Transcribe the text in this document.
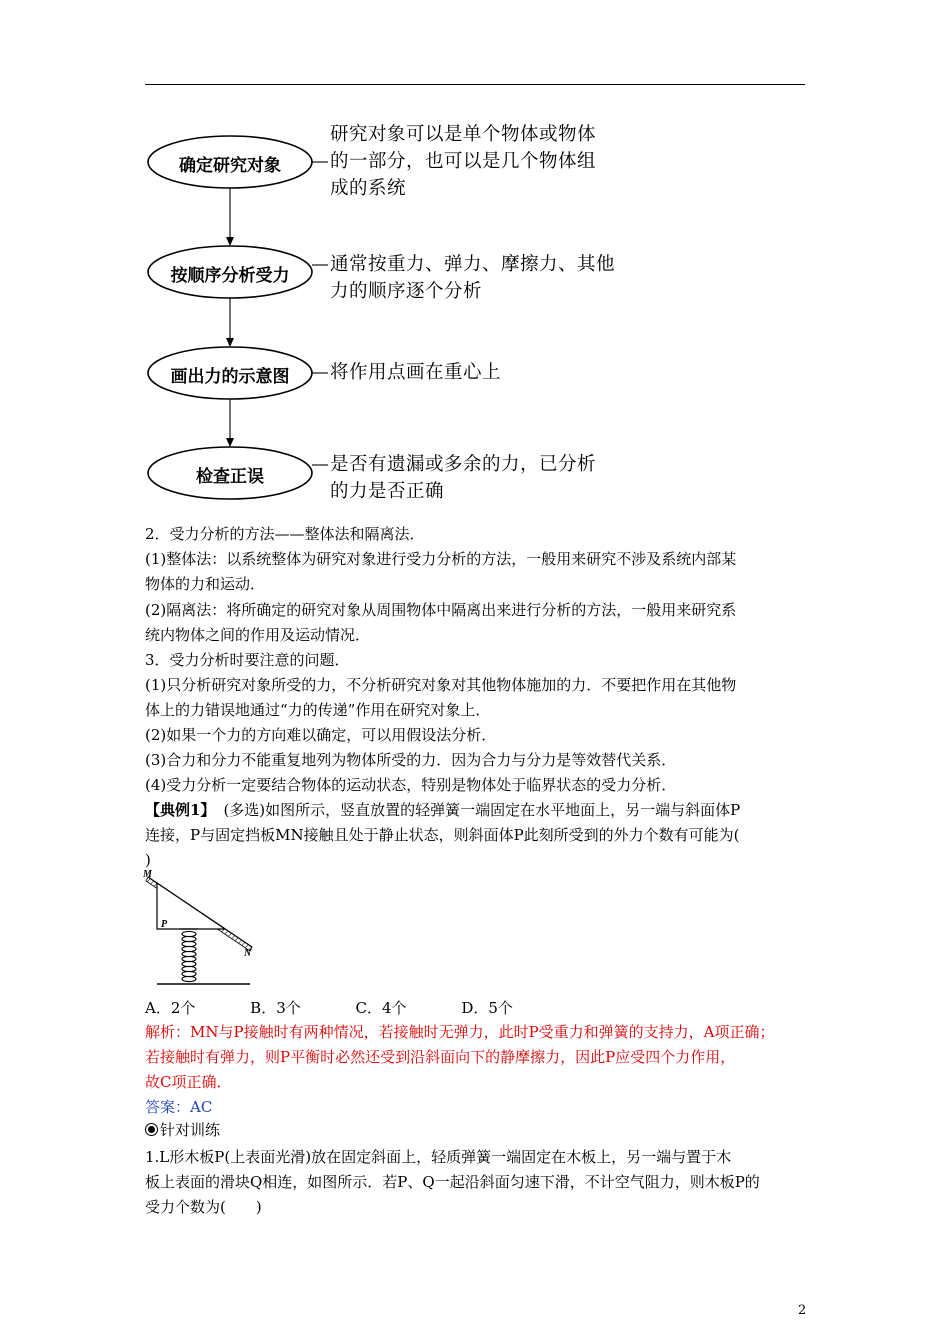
确定研究对象
按顺序分析受力
画出力的示意图
检查正误
研究对象可以是单个物体或物体
的一部分，也可以是几个物体组
成的系统
通常按重力、弹力、摩擦力、其他
力的顺序逐个分析
将作用点画在重心上
是否有遗漏或多余的力，已分析
的力是否正确
2．受力分析的方法——整体法和隔离法．
(1)整体法：以系统整体为研究对象进行受力分析的方法，一般用来研究不涉及系统内部某
物体的力和运动．
(2)隔离法：将所确定的研究对象从周围物体中隔离出来进行分析的方法，一般用来研究系
统内物体之间的作用及运动情况．
3．受力分析时要注意的问题．
(1)只分析研究对象所受的力，不分析研究对象对其他物体施加的力．不要把作用在其他物
体上的力错误地通过“力的传递”作用在研究对象上．
(2)如果一个力的方向难以确定，可以用假设法分析．
(3)合力和分力不能重复地列为物体所受的力．因为合力与分力是等效替代关系．
(4)受力分析一定要结合物体的运动状态，特别是物体处于临界状态的受力分析．
【典例1】 (多选)如图所示，竖直放置的轻弹簧一端固定在水平地面上，另一端与斜面体P
连接，P与固定挡板MN接触且处于静止状态，则斜面体P此刻所受到的外力个数有可能为(
)
M
N
P
A．2个	B．3个	C．4个	D．5个
解析：MN与P接触时有两种情况，若接触时无弹力，此时P受重力和弹簧的支持力，A项正确；
若接触时有弹力，则P平衡时必然还受到沿斜面向下的静摩擦力，因此P应受四个力作用，
故C项正确．
答案：AC
针对训练
1.L形木板P(上表面光滑)放在固定斜面上，轻质弹簧一端固定在木板上，另一端与置于木
板上表面的滑块Q相连，如图所示．若P、Q一起沿斜面匀速下滑，不计空气阻力，则木板P的
受力个数为(　　)
2
